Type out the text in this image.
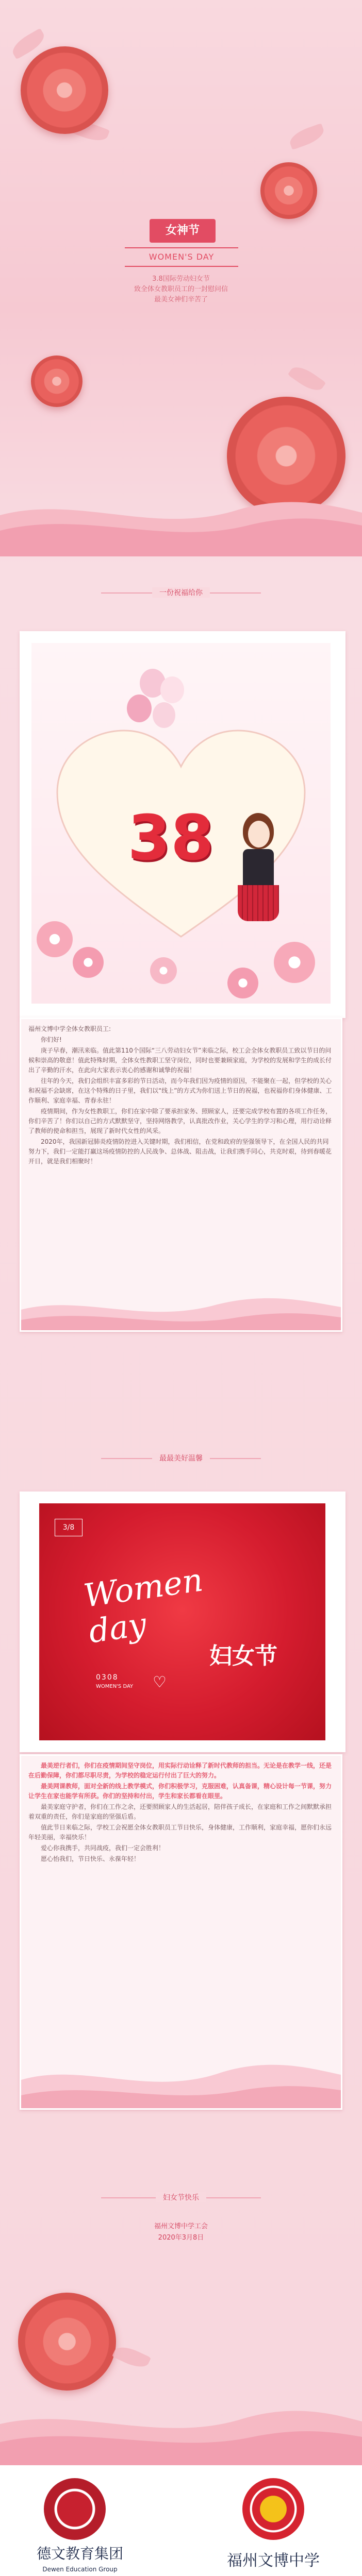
女神节
WOMEN'S DAY
3.8国际劳动妇女节
致全体女教职员工的一封慰问信
最美女神们辛苦了
一份祝福给你
38

福州文博中学全体女教职员工:

你们好!

庚子早春，潮汛来临。值此第110个国际“三八劳动妇女节”来临之际，校工会全体女教职员工致以节日的问候和崇高的敬意！值此特殊时期，全体女性教职工坚守岗位，同时也要兼顾家庭，为学校的发展和学生的成长付出了辛勤的汗水，在此向大家表示衷心的感谢和诚挚的祝福！

往年的今天，我们会组织丰富多彩的节日活动，而今年我们因为疫情的原因，不能聚在一起，但学校的关心和祝福不会缺席，在这个特殊的日子里，我们以“线上”的方式为你们送上节日的祝福，也祝福你们身体健康、工作顺利、家庭幸福、青春永驻！

疫情期间，作为女性教职工，你们在家中除了要承担家务、照顾家人，还要完成学校布置的各项工作任务，你们辛苦了！你们以自己的方式默默坚守，坚持网络教学，认真批改作业，关心学生的学习和心理，用行动诠释了教师的使命和担当，展现了新时代女性的风采。

2020年，我国新冠肺炎疫情防控进入关键时期，我们相信，在党和政府的坚强领导下，在全国人民的共同努力下，我们一定能打赢这场疫情防控的人民战争、总体战、阻击战，让我们携手同心，共克时艰，待到春暖花开日，就是我们相聚时！

最最美好温馨
3/8
Women day
妇女节
0308
WOMEN'S DAY ♡

最美逆行者们，你们在疫情期间坚守岗位，用实际行动诠释了新时代教师的担当。无论是在教学一线，还是在后勤保障，你们都尽职尽责，为学校的稳定运行付出了巨大的努力。

最美网课教师，面对全新的线上教学模式，你们积极学习，克服困难，认真备课，精心设计每一节课，努力让学生在家也能学有所获。你们的坚持和付出，学生和家长都看在眼里。

最美家庭守护者，你们在工作之余，还要照顾家人的生活起居，陪伴孩子成长，在家庭和工作之间默默承担着双重的责任，你们是家庭的坚强后盾。

值此节日来临之际，学校工会祝愿全体女教职员工节日快乐，身体健康，工作顺利，家庭幸福，愿你们永远年轻美丽，幸福快乐！

爱心你我携手，共同战疫，我们一定会胜利！

愿心怡我们，节日快乐、永葆年轻！

妇女节快乐
福州文博中学工会
2020年3月8日
德文教育集团
Dewen Education Group	福州文博中学
